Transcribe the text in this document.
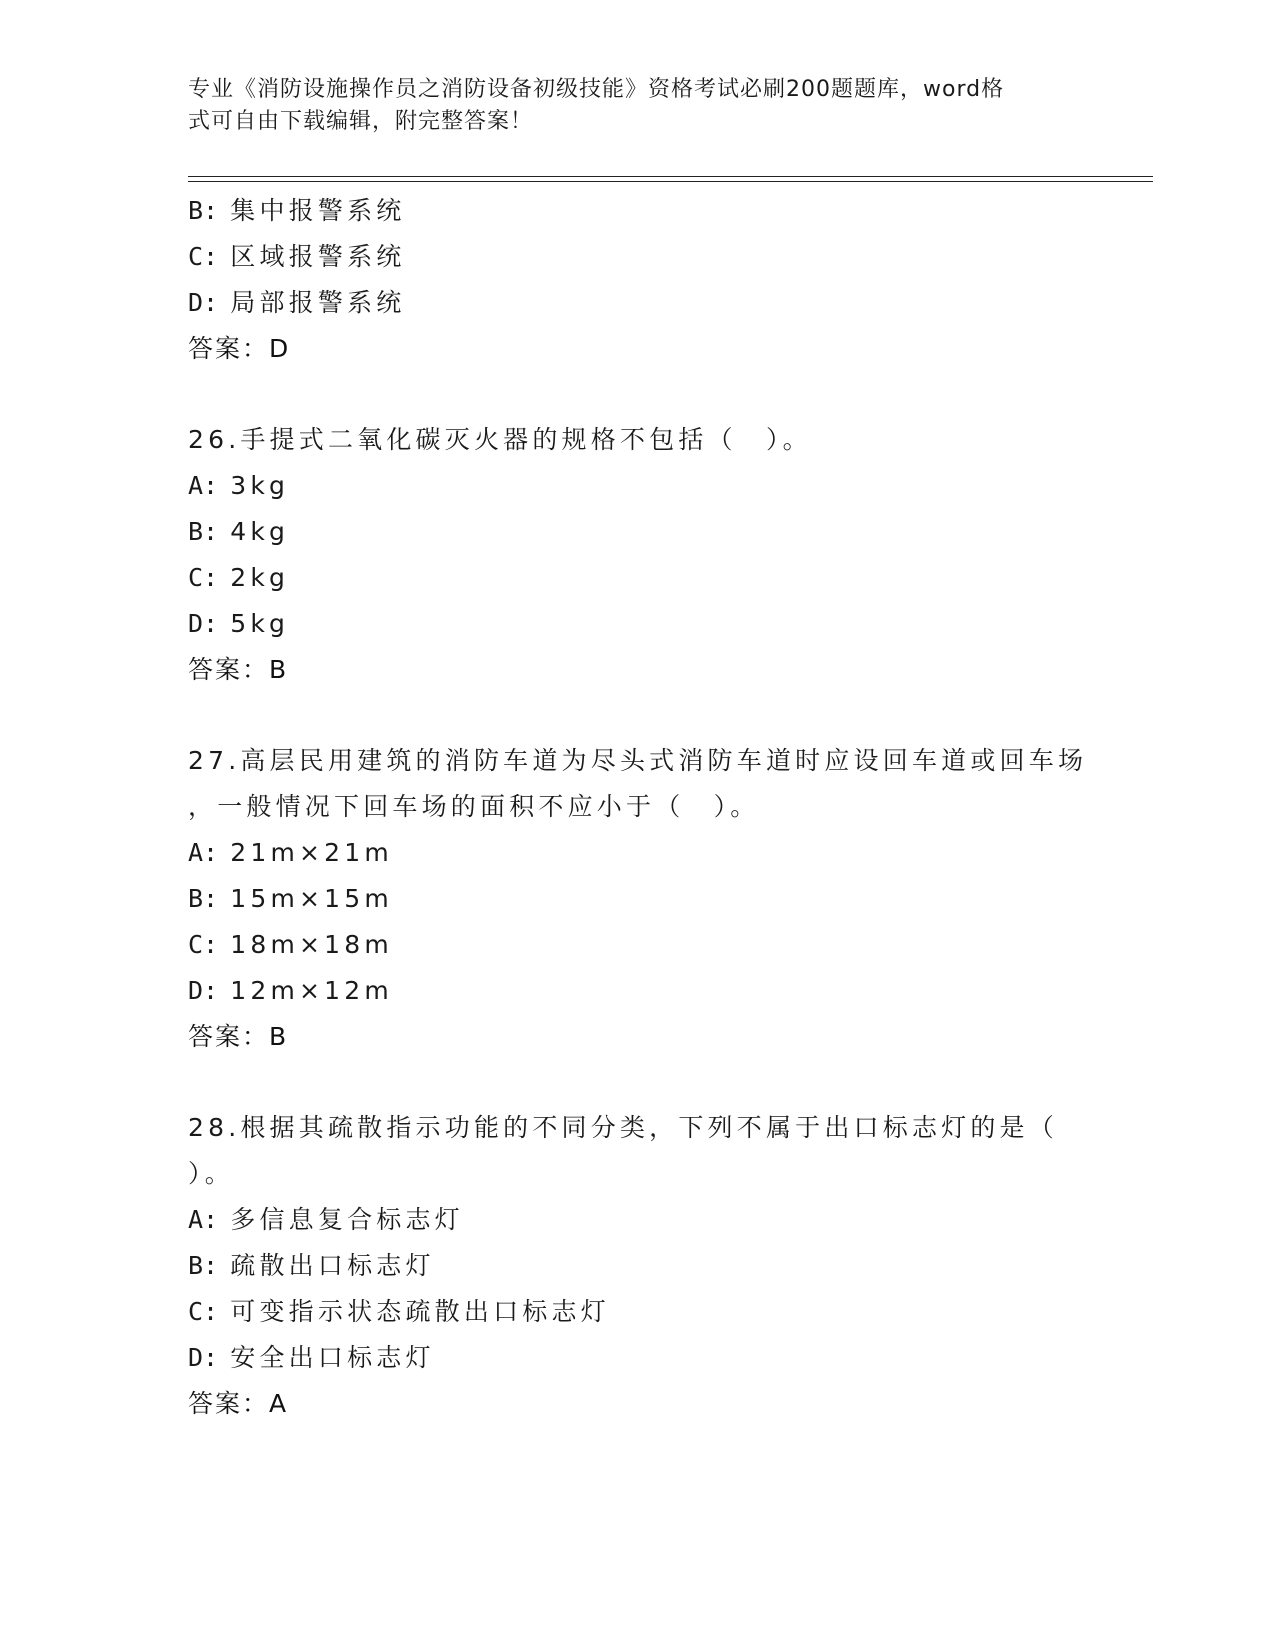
专业《消防设施操作员之消防设备初级技能》资格考试必刷200题题库，word格
式可自由下载编辑，附完整答案！
B: 集中报警系统
C: 区域报警系统
D: 局部报警系统
答案：D
26.手提式二氧化碳灭火器的规格不包括（　）。
A: 3kg
B: 4kg
C: 2kg
D: 5kg
答案：B
27.高层民用建筑的消防车道为尽头式消防车道时应设回车道或回车场
，一般情况下回车场的面积不应小于（　）。
A: 21m×21m
B: 15m×15m
C: 18m×18m
D: 12m×12m
答案：B
28.根据其疏散指示功能的不同分类，下列不属于出口标志灯的是（
）。
A: 多信息复合标志灯
B: 疏散出口标志灯
C: 可变指示状态疏散出口标志灯
D: 安全出口标志灯
答案：A
